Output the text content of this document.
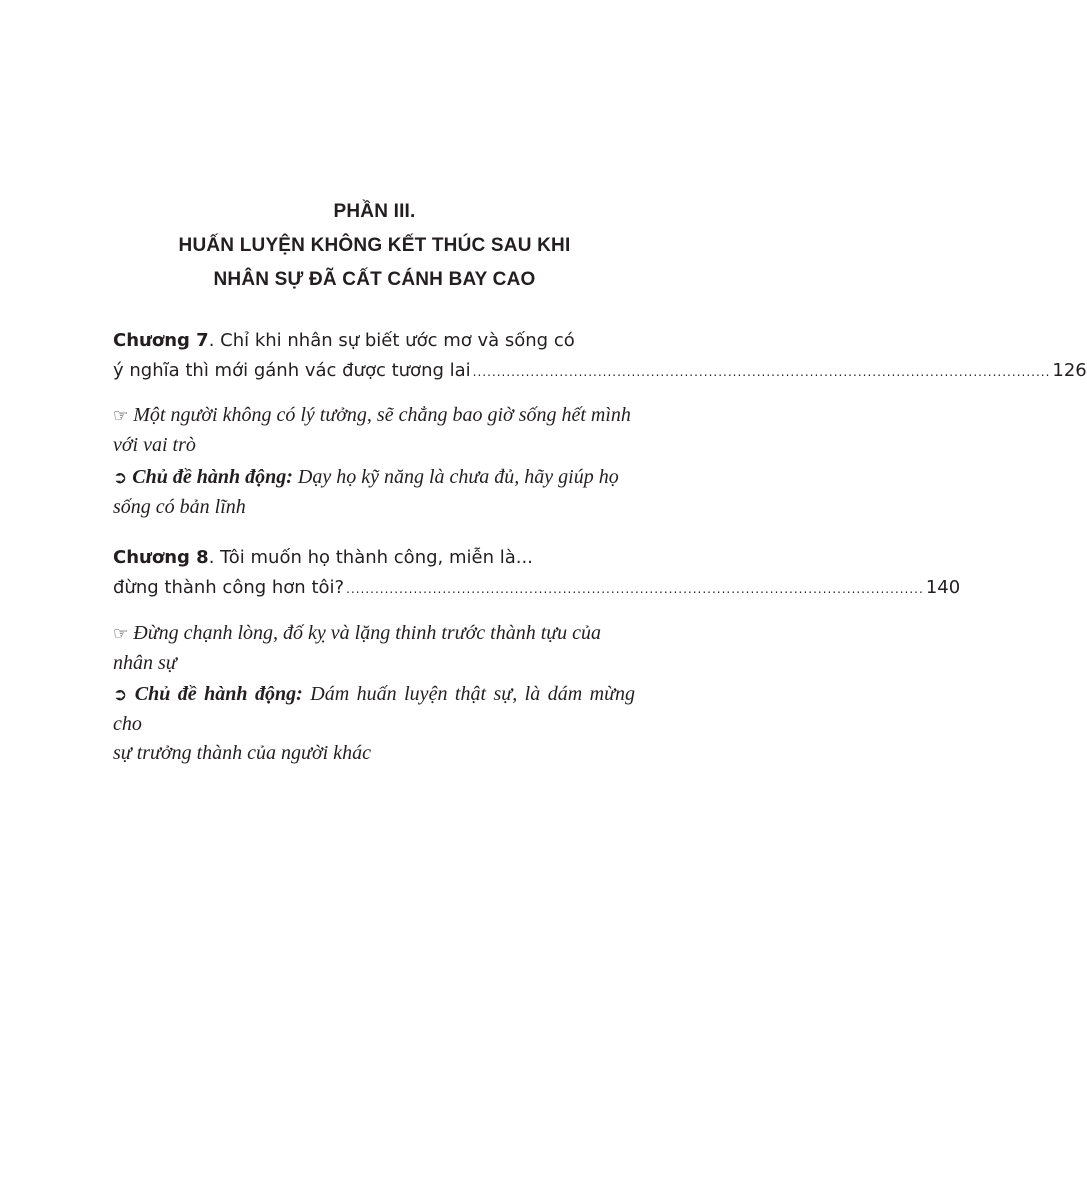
PHẦN III.
HUẤN LUYỆN KHÔNG KẾT THÚC SAU KHI
NHÂN SỰ ĐÃ CẤT CÁNH BAY CAO
Chương 7 . Chỉ khi nhân sự biết ước mơ và sống có
ý nghĩa thì mới gánh vác được tương lai ........................................................................................................................ 126
☞ Một người không có lý tưởng, sẽ chẳng bao giờ sống hết mình
với vai trò
➲ Chủ đề hành động: Dạy họ kỹ năng là chưa đủ, hãy giúp họ
sống có bản lĩnh
Chương 8 . Tôi muốn họ thành công, miễn là...
đừng thành công hơn tôi? ........................................................................................................................ 140
☞ Đừng chạnh lòng, đố kỵ và lặng thinh trước thành tựu của
nhân sự
➲ Chủ đề hành động: Dám huấn luyện thật sự, là dám mừng cho
sự trưởng thành của người khác
